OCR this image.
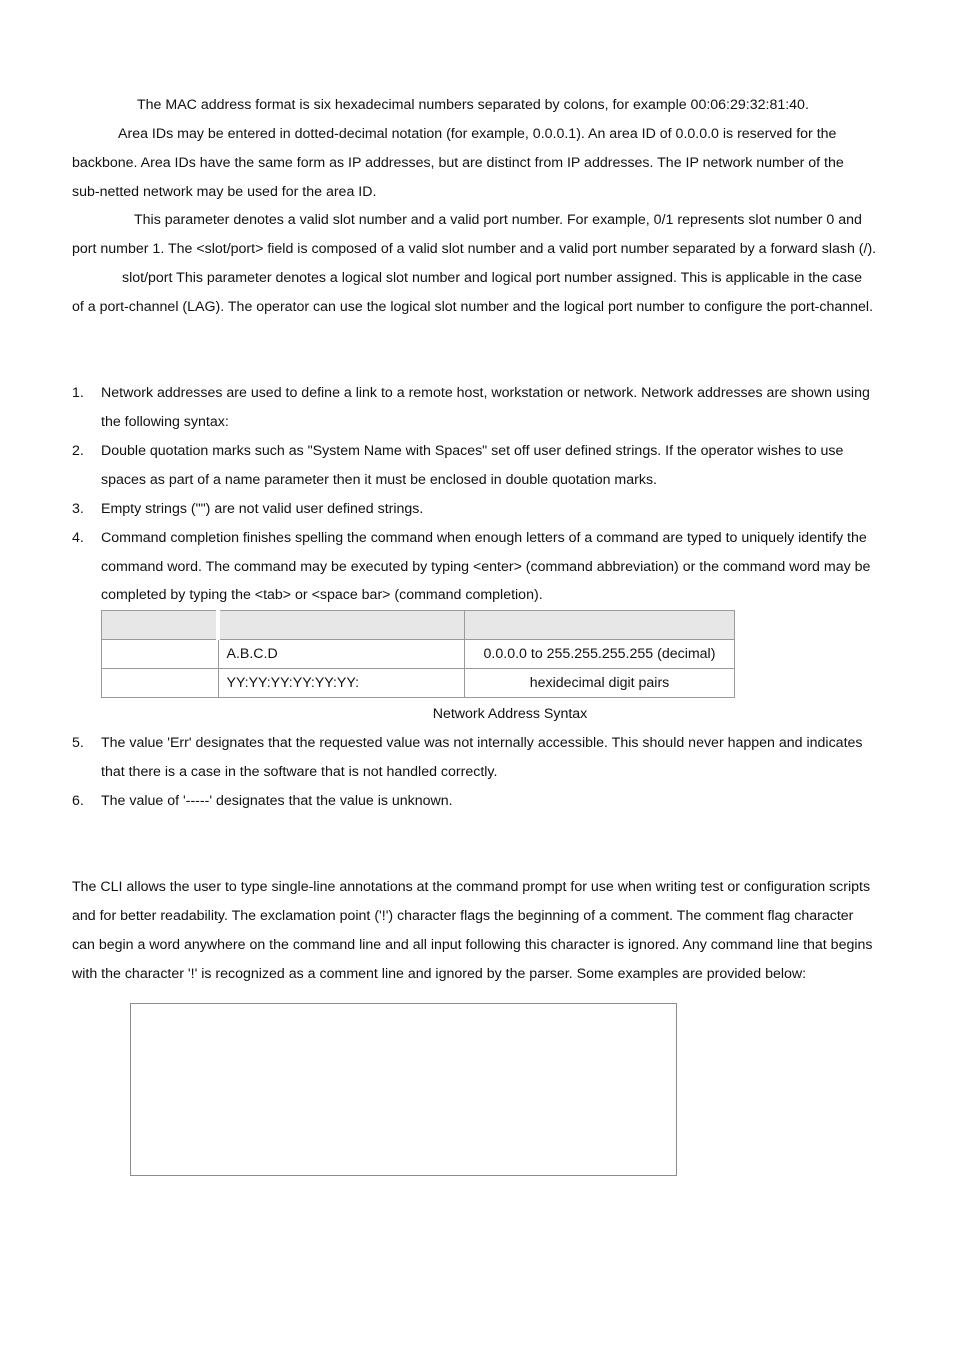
The MAC address format is six hexadecimal numbers separated by colons, for example 00:06:29:32:81:40.
Area IDs may be entered in dotted-decimal notation (for example, 0.0.0.1). An area ID of 0.0.0.0 is reserved for the
backbone. Area IDs have the same form as IP addresses, but are distinct from IP addresses. The IP network number of the
sub-netted network may be used for the area ID.
This parameter denotes a valid slot number and a valid port number. For example, 0/1 represents slot number 0 and
port number 1. The <slot/port> field is composed of a valid slot number and a valid port number separated by a forward slash (/).
slot/port This parameter denotes a logical slot number and logical port number assigned. This is applicable in the case
of a port-channel (LAG). The operator can use the logical slot number and the logical port number to configure the port-channel.
1. Network addresses are used to define a link to a remote host, workstation or network. Network addresses are shown using
the following syntax:
2. Double quotation marks such as "System Name with Spaces" set off user defined strings. If the operator wishes to use
spaces as part of a name parameter then it must be enclosed in double quotation marks.
3. Empty strings ("") are not valid user defined strings.
4. Command completion finishes spelling the command when enough letters of a command are typed to uniquely identify the
command word. The command may be executed by typing <enter> (command abbreviation) or the command word may be
completed by typing the <tab> or <space bar> (command completion).

	A.B.C.D	0.0.0.0 to 255.255.255.255 (decimal)
	YY:YY:YY:YY:YY:YY:	hexidecimal digit pairs
Network Address Syntax
5. The value 'Err' designates that the requested value was not internally accessible. This should never happen and indicates
that there is a case in the software that is not handled correctly.
6. The value of '-----' designates that the value is unknown.
The CLI allows the user to type single-line annotations at the command prompt for use when writing test or configuration scripts
and for better readability. The exclamation point ('!') character flags the beginning of a comment. The comment flag character
can begin a word anywhere on the command line and all input following this character is ignored. Any command line that begins
with the character '!' is recognized as a comment line and ignored by the parser. Some examples are provided below:
